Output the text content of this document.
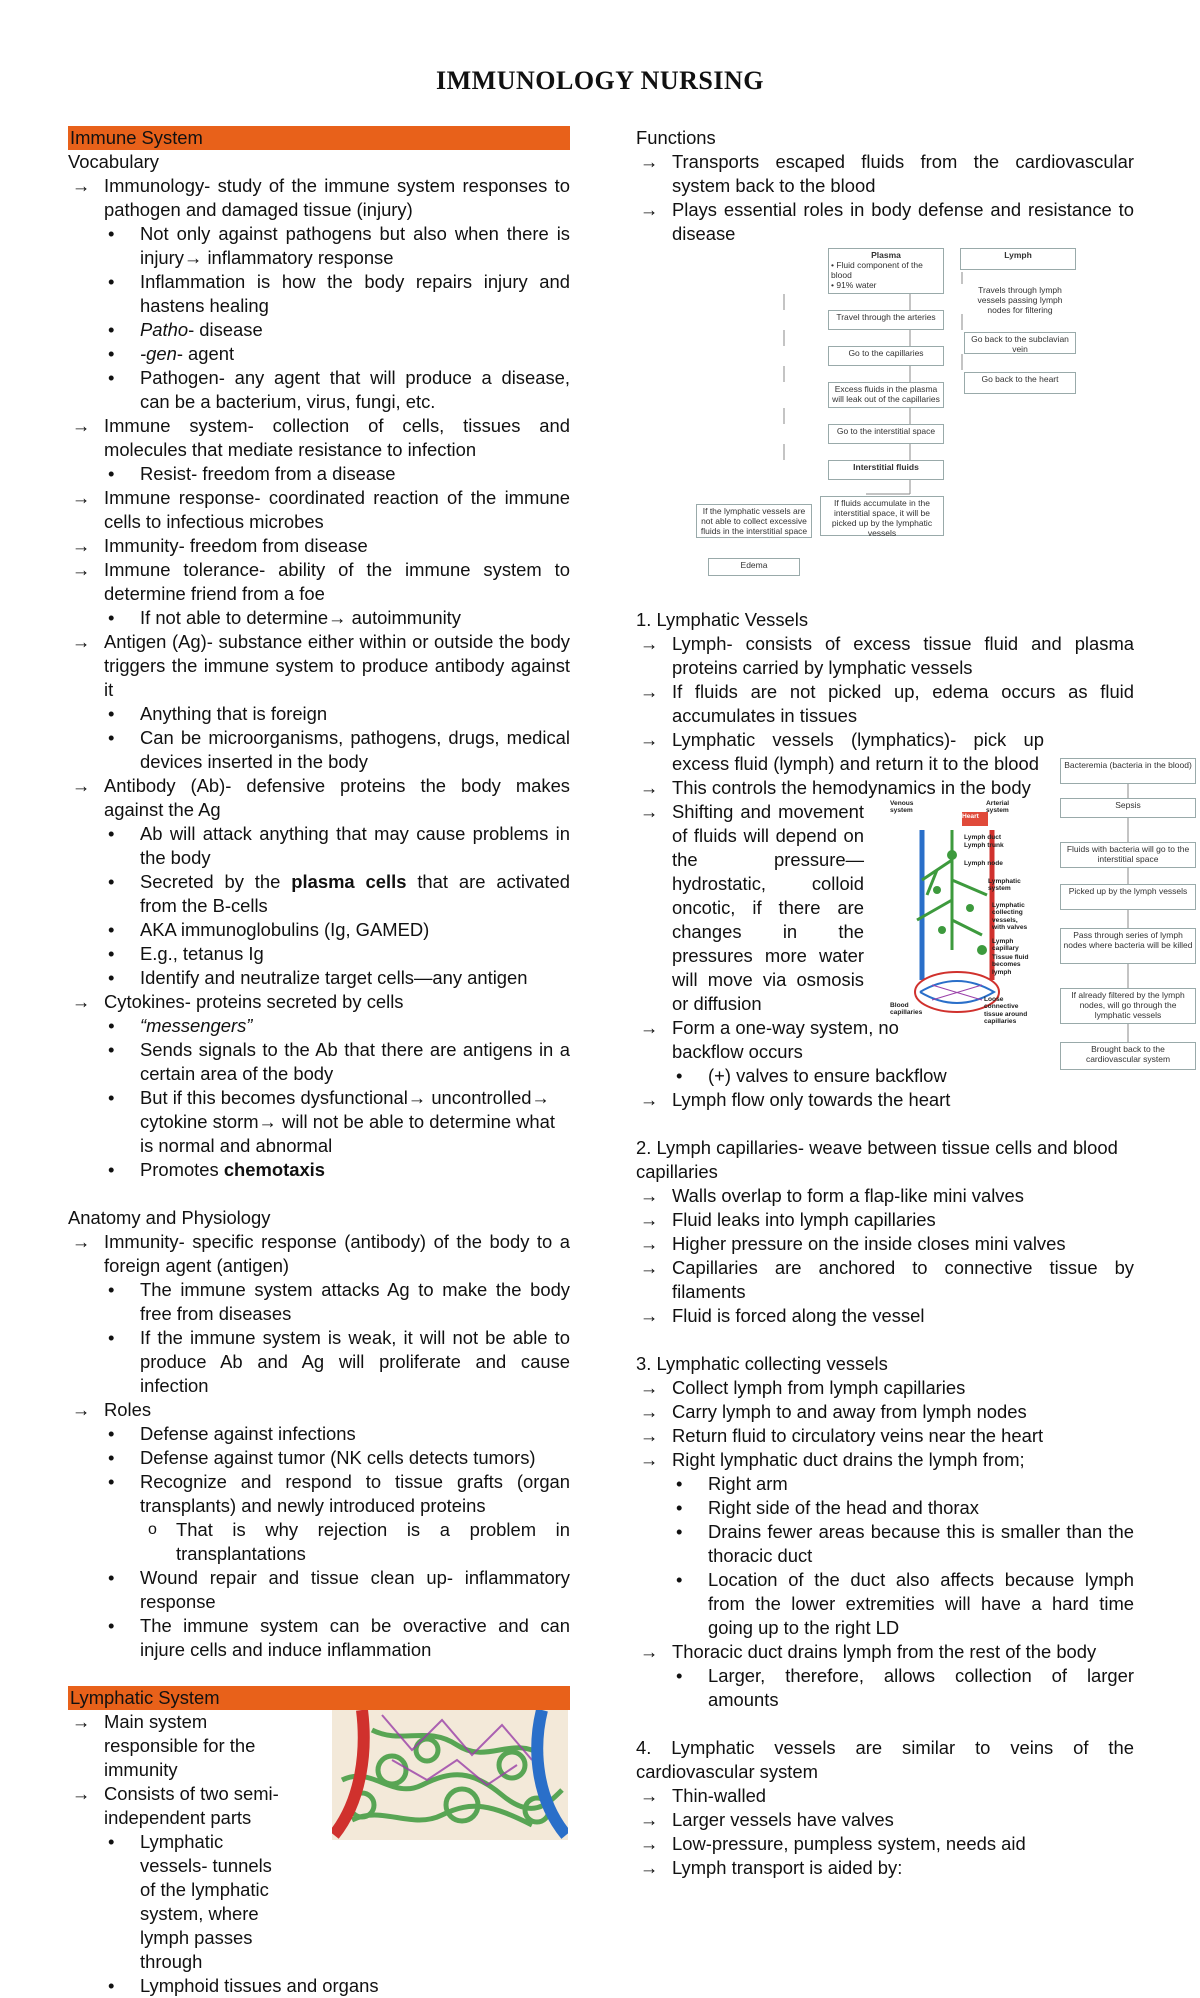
IMMUNOLOGY NURSING
Immune System
Vocabulary
→ Immunology- study of the immune system responses to pathogen and damaged tissue (injury)
• Not only against pathogens but also when there is injury→ inflammatory response
• Inflammation is how the body repairs injury and hastens healing
• Patho- disease
• -gen- agent
• Pathogen- any agent that will produce a disease, can be a bacterium, virus, fungi, etc.
→ Immune system- collection of cells, tissues and molecules that mediate resistance to infection
• Resist- freedom from a disease
→ Immune response- coordinated reaction of the immune cells to infectious microbes
→ Immunity- freedom from disease
→ Immune tolerance- ability of the immune system to determine friend from a foe
• If not able to determine→ autoimmunity
→ Antigen (Ag)- substance either within or outside the body triggers the immune system to produce antibody against it
• Anything that is foreign
• Can be microorganisms, pathogens, drugs, medical devices inserted in the body
→ Antibody (Ab)- defensive proteins the body makes against the Ag
• Ab will attack anything that may cause problems in the body
• Secreted by the plasma cells that are activated from the B-cells
• AKA immunoglobulins (Ig, GAMED)
• E.g., tetanus Ig
• Identify and neutralize target cells—any antigen
→ Cytokines- proteins secreted by cells
• “messengers”
• Sends signals to the Ab that there are antigens in a certain area of the body
• But if this becomes dysfunctional→ uncontrolled→ cytokine storm→ will not be able to determine what is normal and abnormal
• Promotes chemotaxis
Anatomy and Physiology
→ Immunity- specific response (antibody) of the body to a foreign agent (antigen)
• The immune system attacks Ag to make the body free from diseases
• If the immune system is weak, it will not be able to produce Ab and Ag will proliferate and cause infection
→ Roles
• Defense against infections
• Defense against tumor (NK cells detects tumors)
• Recognize and respond to tissue grafts (organ transplants) and newly introduced proteins
o That is why rejection is a problem in transplantations
• Wound repair and tissue clean up- inflammatory response
• The immune system can be overactive and can injure cells and induce inflammation
Lymphatic System
→ Main system responsible for the immunity
→ Consists of two semi-independent parts
• Lymphatic vessels- tunnels of the lymphatic system, where lymph passes through
• Lymphoid tissues and organs
Functions
→ Transports escaped fluids from the cardiovascular system back to the blood
→ Plays essential roles in body defense and resistance to disease
Plasma
• Fluid component of the blood
• 91% water
Travel through the arteries
Go to the capillaries
Excess fluids in the plasma will leak out of the capillaries
Go to the interstitial space
Interstitial fluids
If fluids accumulate in the interstitial space, it will be picked up by the lymphatic vessels
If the lymphatic vessels are not able to collect excessive fluids in the interstitial space
Edema
Lymph
Travels through lymph vessels passing lymph nodes for filtering
Go back to the subclavian vein
Go back to the heart
1. Lymphatic Vessels
→ Lymph- consists of excess tissue fluid and plasma proteins carried by lymphatic vessels
→ If fluids are not picked up, edema occurs as fluid accumulates in tissues
→ Lymphatic vessels (lymphatics)- pick up excess fluid (lymph) and return it to the blood
→ This controls the hemodynamics in the body
→ Shifting and movement of fluids will depend on the pressure—hydrostatic, colloid oncotic, if there are changes in the pressures more water will move via osmosis or diffusion
→ Form a one-way system, no backflow occurs
• (+) valves to ensure backflow
→ Lymph flow only towards the heart
2. Lymph capillaries- weave between tissue cells and blood capillaries
→ Walls overlap to form a flap-like mini valves
→ Fluid leaks into lymph capillaries
→ Higher pressure on the inside closes mini valves
→ Capillaries are anchored to connective tissue by filaments
→ Fluid is forced along the vessel
3. Lymphatic collecting vessels
→ Collect lymph from lymph capillaries
→ Carry lymph to and away from lymph nodes
→ Return fluid to circulatory veins near the heart
→ Right lymphatic duct drains the lymph from;
• Right arm
• Right side of the head and thorax
• Drains fewer areas because this is smaller than the thoracic duct
• Location of the duct also affects because lymph from the lower extremities will have a hard time going up to the right LD
→ Thoracic duct drains lymph from the rest of the body
• Larger, therefore, allows collection of larger amounts
4. Lymphatic vessels are similar to veins of the cardiovascular system
→ Thin-walled
→ Larger vessels have valves
→ Low-pressure, pumpless system, needs aid
→ Lymph transport is aided by:
Venous system
Arterial system
Heart
Lymph duct
Lymph trunk
Lymph node
Lymphatic system
Lymphatic collecting vessels, with valves
Lymph capillary
Tissue fluid becomes lymph
Blood capillaries
Loose connective tissue around capillaries
Bacteremia (bacteria in the blood)
Sepsis
Fluids with bacteria will go to the interstitial space
Picked up by the lymph vessels
Pass through series of lymph nodes where bacteria will be killed
If already filtered by the lymph nodes, will go through the lymphatic vessels
Brought back to the cardiovascular system
